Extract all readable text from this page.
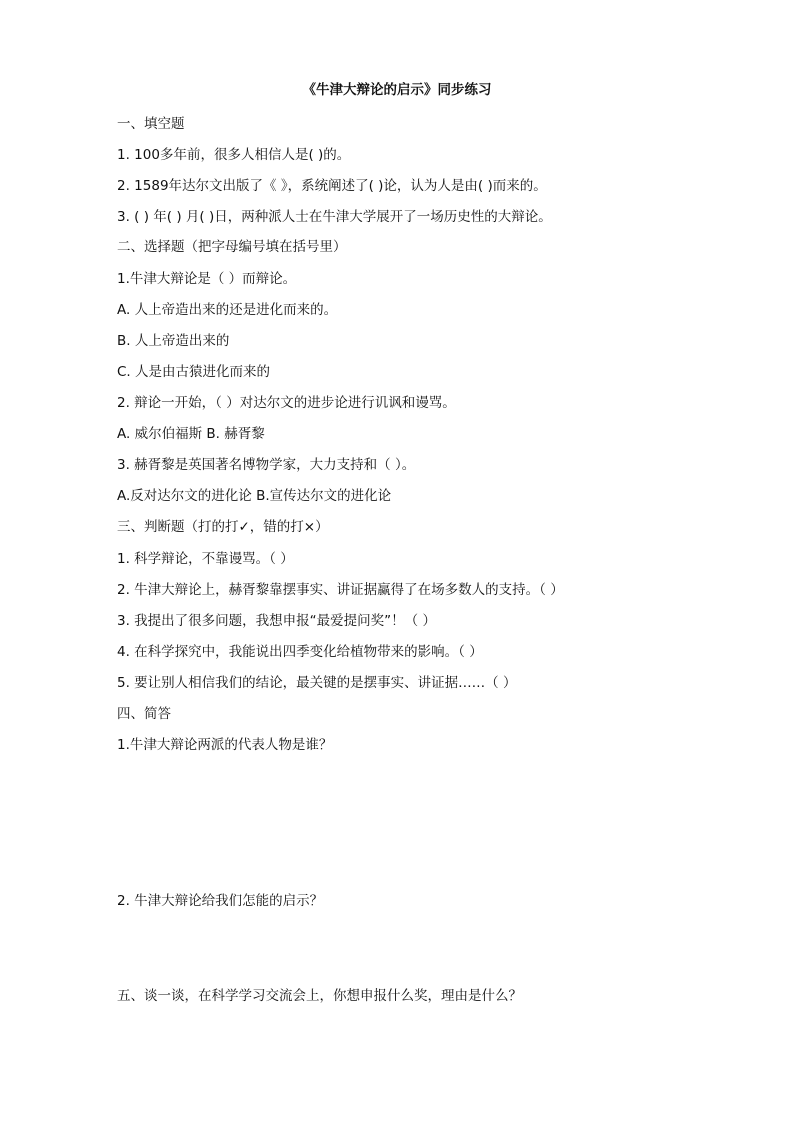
《牛津大辩论的启示》同步练习
一、填空题
1. 100多年前，很多人相信人是( )的。
2. 1589年达尔文出版了《 》，系统阐述了( )论，认为人是由( )而来的。
3. ( ) 年( ) 月( )日，两种派人士在牛津大学展开了一场历史性的大辩论。
二、选择题（把字母编号填在括号里）
1.牛津大辩论是（ ）而辩论。
A. 人上帝造出来的还是进化而来的。
B. 人上帝造出来的
C. 人是由古猿进化而来的
2. 辩论一开始，（ ）对达尔文的进步论进行讥讽和谩骂。
A. 威尔伯福斯 B. 赫胥黎
3. 赫胥黎是英国著名博物学家，大力支持和（ ）。
A.反对达尔文的进化论 B.宣传达尔文的进化论
三、判断题（打的打✓，错的打×）
1. 科学辩论，不靠谩骂。（ ）
2. 牛津大辩论上，赫胥黎靠摆事实、讲证据赢得了在场多数人的支持。（ ）
3. 我提出了很多问题，我想申报“最爱提问奖”！（ ）
4. 在科学探究中，我能说出四季变化给植物带来的影响。（ ）
5. 要让别人相信我们的结论，最关键的是摆事实、讲证据……（ ）
四、简答
1.牛津大辩论两派的代表人物是谁？
2. 牛津大辩论给我们怎能的启示？
五、谈一谈，在科学学习交流会上，你想申报什么奖，理由是什么？
